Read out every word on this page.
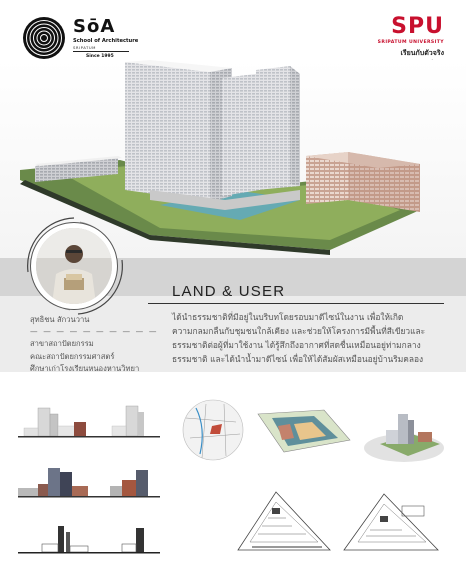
SōA
School of Architecture
SRIPATUM
Since 1995
SPU
SRIPATUM UNIVERSITY
เรียนกับตัวจริง
LAND & USER
ได้นำธรรมชาติที่มีอยู่ในบริบทโดยรอบมาดีไซน์ในงาน เพื่อให้เกิด
ความกลมกลืนกับชุมชนใกล้เคียง และช่วยให้โครงการมีพื้นที่สีเขียวและ
ธรรมชาติต่อผู้ที่มาใช้งาน ได้รู้สึกถึงอากาศที่สดชื่นเหมือนอยู่ท่ามกลาง
ธรรมชาติ และได้นำน้ำมาดีไซน์ เพื่อให้ได้สัมผัสเหมือนอยู่บ้านริมคลอง
สุทธิชน สักวนวาน
— — — — — — — — — —
สาขาสถาปัตยกรรม
คณะสถาปัตยกรรมศาสตร์
ศึกษาเก่าโรงเรียนหนองหานวิทยา
